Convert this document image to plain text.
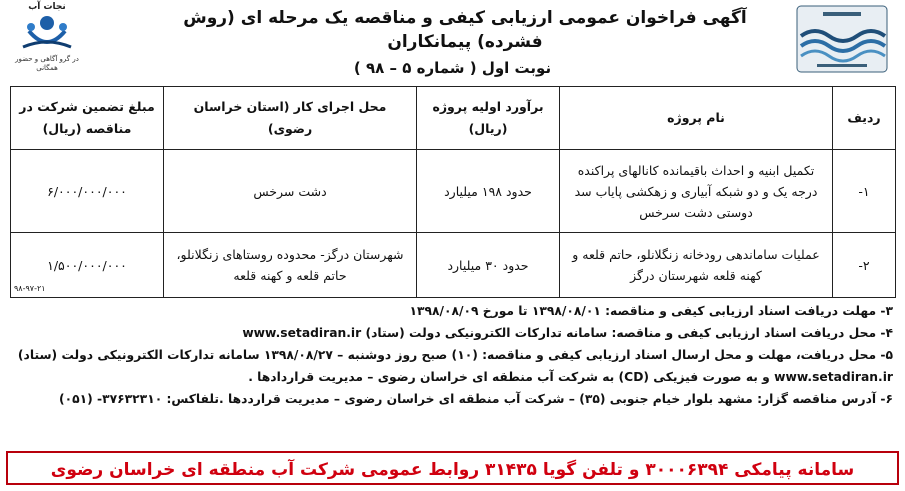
نجات آب
در گرو آگاهی و حضور همگانی
آگهی فراخوان عمومی ارزیابی کیفی و مناقصه یک مرحله ای (روش فشرده) پیمانکاران
نوبت اول ( شماره ۵ – ۹۸ )
ردیف	نام پروژه	برآورد اولیه پروژه (ریال)	محل اجرای کار (استان خراسان رضوی)	مبلغ تضمین شرکت در مناقصه (ریال)
۱-	تکمیل ابنیه و احداث باقیمانده کانالهای پراکنده درجه یک و دو شبکه آبیاری و زهکشی پایاب سد دوستی دشت سرخس	حدود ۱۹۸ میلیارد	دشت سرخس	۶/۰۰۰/۰۰۰/۰۰۰
۲-	عملیات ساماندهی رودخانه زنگلانلو، حاتم قلعه و کهنه قلعه شهرستان درگز	حدود ۳۰ میلیارد	شهرستان درگز- محدوده روستاهای زنگلانلو، حاتم قلعه و کهنه قلعه	۱/۵۰۰/۰۰۰/۰۰۰
۹۸-۹۷-۲۱
۳- مهلت دریافت اسناد ارزیابی کیفی و مناقصه: ۱۳۹۸/۰۸/۰۱ تا مورخ ۱۳۹۸/۰۸/۰۹
۴- محل دریافت اسناد ارزیابی کیفی و مناقصه: سامانه تدارکات الکترونیکی دولت (ستاد) www.setadiran.ir
۵- محل دریافت، مهلت و محل ارسال اسناد ارزیابی کیفی و مناقصه: (۱۰) صبح روز دوشنبه – ۱۳۹۸/۰۸/۲۷ سامانه تدارکات الکترونیکی دولت (ستاد)
www.setadiran.ir و به صورت فیزیکی (CD) به شرکت آب منطقه ای خراسان رضوی – مدیریت قراردادها .
۶- آدرس مناقصه گزار: مشهد بلوار خیام جنوبی (۳۵) – شرکت آب منطقه ای خراسان رضوی – مدیریت قرارددها .تلفاکس: ۳۷۶۳۲۳۱۰- (۰۵۱)
سامانه پیامکی ۳۰۰۰۶۳۹۴ و تلفن گویا ۳۱۴۳۵ روابط عمومی شرکت آب منطقه ای خراسان رضوی
